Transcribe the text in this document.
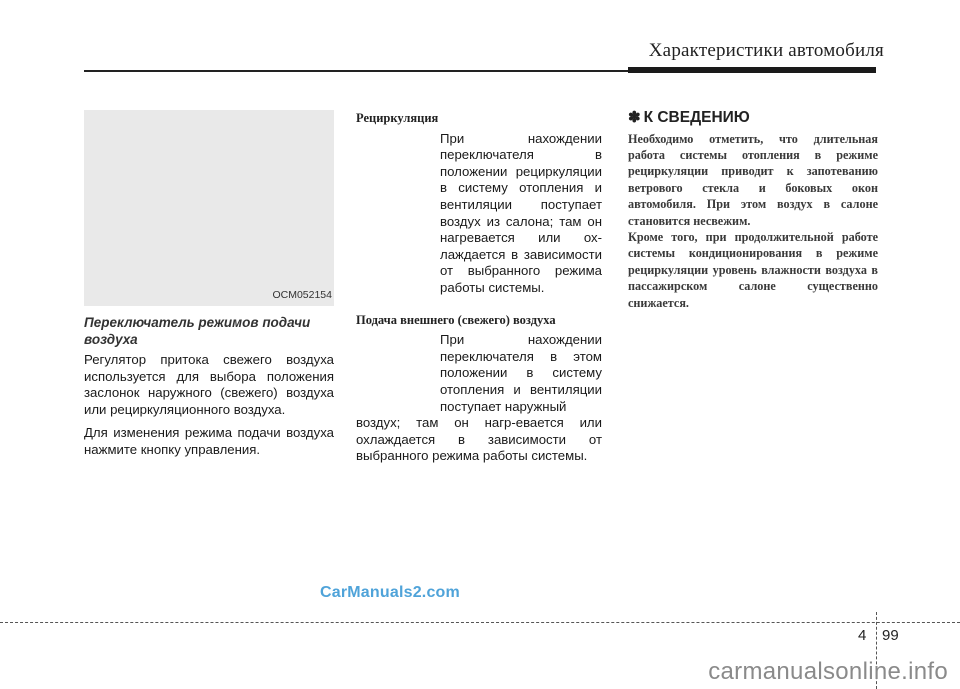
Характеристики автомобиля
OCM052154
Переключатель режимов подачи воздуха
Регулятор притока свежего воздуха используется для выбора положения заслонок наружного (свежего) воздуха или рециркуляционного воздуха.
Для изменения режима подачи воздуха нажмите кнопку управления.
Рециркуляция
При нахождении переключателя в положении рециркуляции в систему отопления и вентиляции поступает воздух из салона; там он нагревается или ох-лаждается в зависимости от выбранного режима работы системы.
Подача внешнего (свежего) воздуха
При нахождении переключателя в этом положении в систему отопления и вентиляции поступает наружный
воздух; там он нагр-евается или охлаждается в зависимости от выбранного режима работы системы.
✽ К СВЕДЕНИЮ
Необходимо отметить, что длительная работа системы отопления в режиме рециркуляции приводит к запотеванию ветрового стекла и боковых окон автомобиля. При этом воздух в салоне становится несвежим.
Кроме того, при продолжительной работе системы кондиционирования в режиме рециркуляции уровень влажности воздуха в пассажирском салоне существенно снижается.
CarManuals2.com
4 99
carmanualsonline.info
